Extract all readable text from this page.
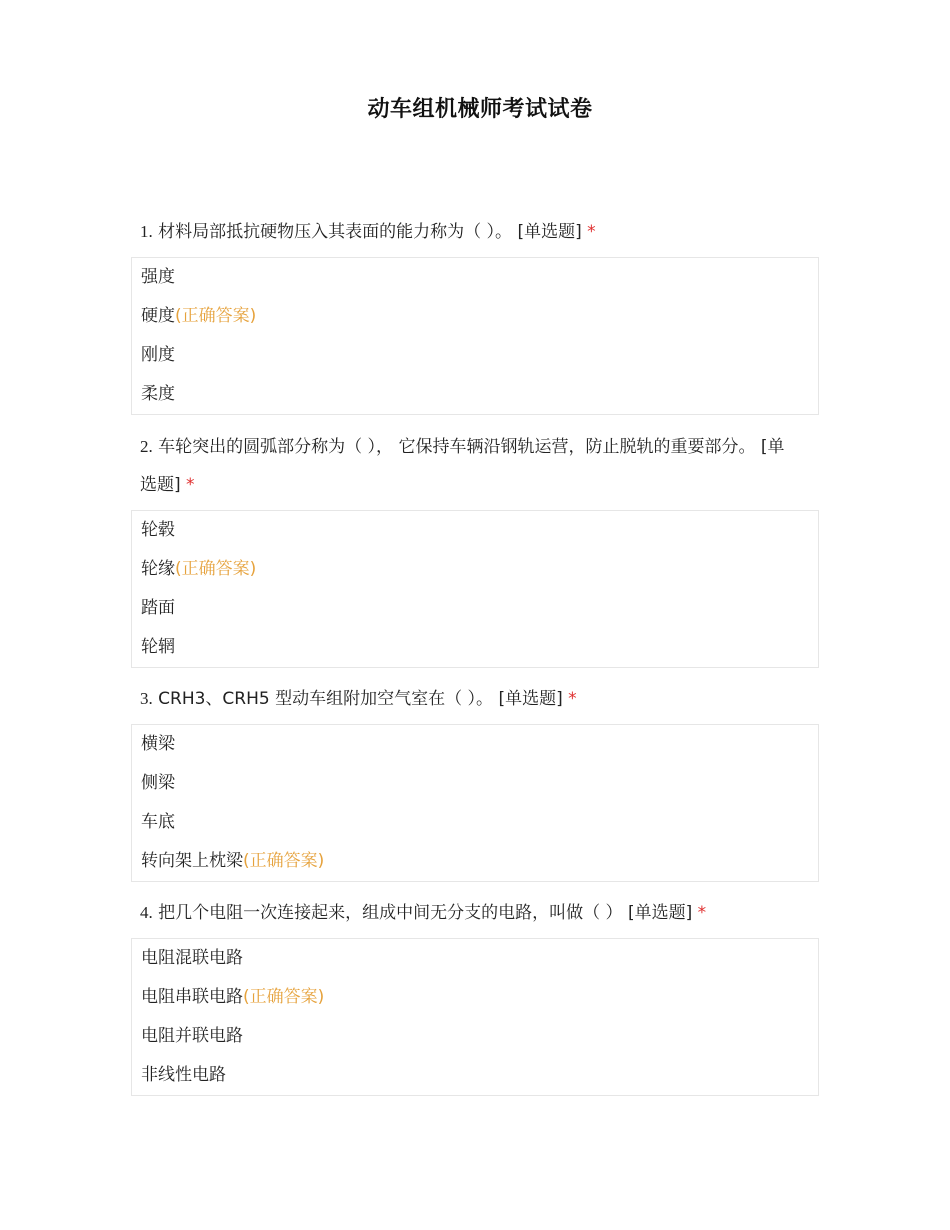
动车组机械师考试试卷
1. 材料局部抵抗硬物压入其表面的能力称为（ ）。 [单选题] *
强度
硬度(正确答案)
刚度
柔度
2. 车轮突出的圆弧部分称为（ ）， 它保持车辆沿钢轨运营，防止脱轨的重要部分。 [单选题] *
轮毂
轮缘(正确答案)
踏面
轮辋
3. CRH3、CRH5 型动车组附加空气室在（ ）。 [单选题] *
横梁
侧梁
车底
转向架上枕梁(正确答案)
4. 把几个电阻一次连接起来，组成中间无分支的电路，叫做（ ） [单选题] *
电阻混联电路
电阻串联电路(正确答案)
电阻并联电路
非线性电路
